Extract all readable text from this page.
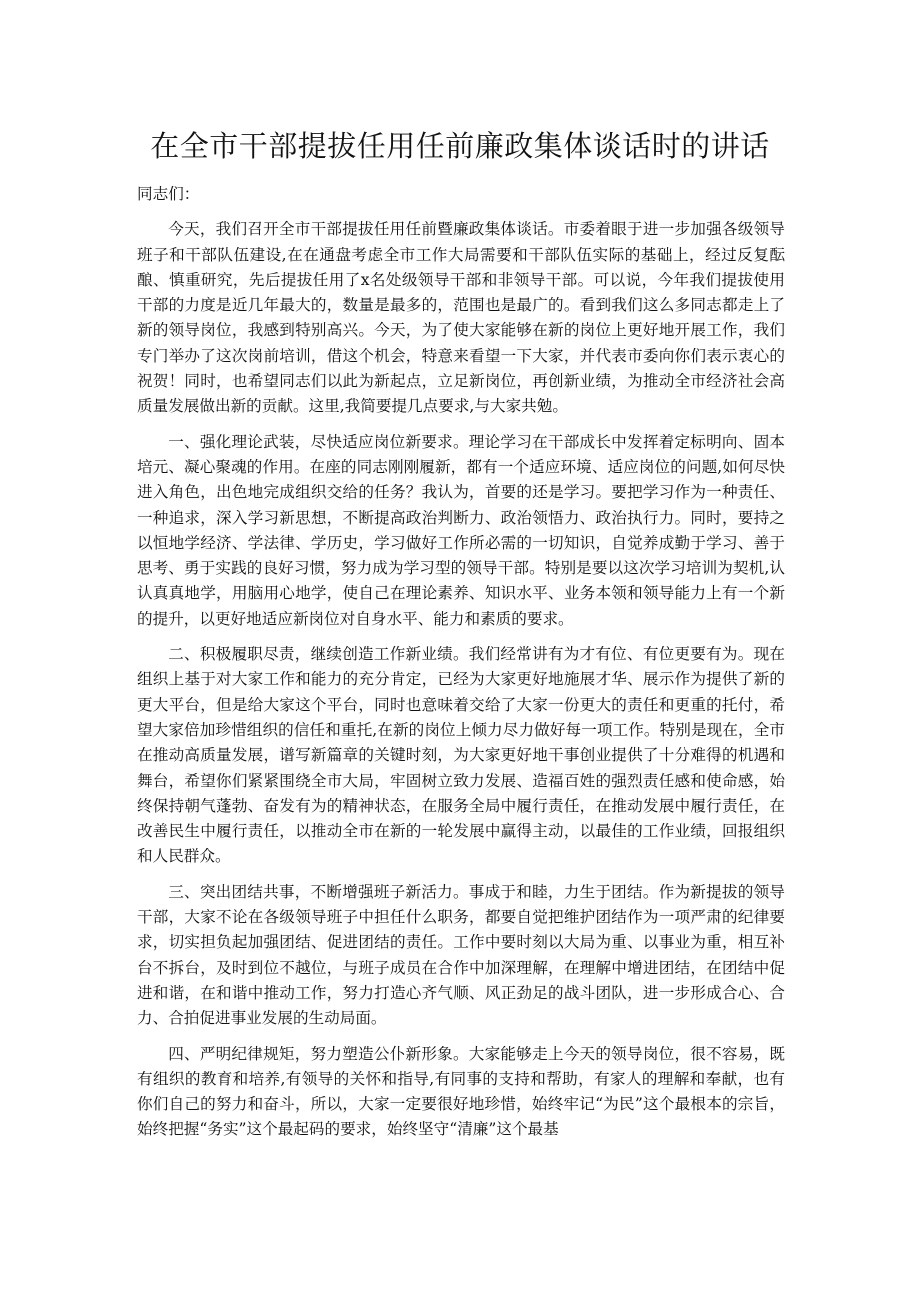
在全市干部提拔任用任前廉政集体谈话时的讲话

同志们：

今天，我们召开全市干部提拔任用任前暨廉政集体谈话。市委着眼于进一步加强各级领导班子和干部队伍建设,在在通盘考虑全市工作大局需要和干部队伍实际的基础上，经过反复酝酿、慎重研究，先后提拔任用了x名处级领导干部和非领导干部。可以说，今年我们提拔使用干部的力度是近几年最大的，数量是最多的，范围也是最广的。看到我们这么多同志都走上了新的领导岗位，我感到特别高兴。今天，为了使大家能够在新的岗位上更好地开展工作，我们专门举办了这次岗前培训，借这个机会，特意来看望一下大家，并代表市委向你们表示衷心的祝贺！同时，也希望同志们以此为新起点，立足新岗位，再创新业绩，为推动全市经济社会高质量发展做出新的贡献。这里,我简要提几点要求,与大家共勉。

一、强化理论武装，尽快适应岗位新要求。理论学习在干部成长中发挥着定标明向、固本培元、凝心聚魂的作用。在座的同志刚刚履新，都有一个适应环境、适应岗位的问题,如何尽快进入角色，出色地完成组织交给的任务？我认为，首要的还是学习。要把学习作为一种责任、一种追求，深入学习新思想，不断提高政治判断力、政治领悟力、政治执行力。同时，要持之以恒地学经济、学法律、学历史，学习做好工作所必需的一切知识，自觉养成勤于学习、善于思考、勇于实践的良好习惯，努力成为学习型的领导干部。特别是要以这次学习培训为契机,认认真真地学，用脑用心地学，使自己在理论素养、知识水平、业务本领和领导能力上有一个新的提升，以更好地适应新岗位对自身水平、能力和素质的要求。

二、积极履职尽责，继续创造工作新业绩。我们经常讲有为才有位、有位更要有为。现在组织上基于对大家工作和能力的充分肯定，已经为大家更好地施展才华、展示作为提供了新的更大平台，但是给大家这个平台，同时也意味着交给了大家一份更大的责任和更重的托付，希望大家倍加珍惜组织的信任和重托,在新的岗位上倾力尽力做好每一项工作。特别是现在，全市在推动高质量发展，谱写新篇章的关键时刻，为大家更好地干事创业提供了十分难得的机遇和舞台，希望你们紧紧围绕全市大局，牢固树立致力发展、造福百姓的强烈责任感和使命感，始终保持朝气蓬勃、奋发有为的精神状态，在服务全局中履行责任，在推动发展中履行责任，在改善民生中履行责任，以推动全市在新的一轮发展中赢得主动，以最佳的工作业绩，回报组织和人民群众。

三、突出团结共事，不断增强班子新活力。事成于和睦，力生于团结。作为新提拔的领导干部，大家不论在各级领导班子中担任什么职务，都要自觉把维护团结作为一项严肃的纪律要求，切实担负起加强团结、促进团结的责任。工作中要时刻以大局为重、以事业为重，相互补台不拆台，及时到位不越位，与班子成员在合作中加深理解，在理解中增进团结，在团结中促进和谐，在和谐中推动工作，努力打造心齐气顺、风正劲足的战斗团队，进一步形成合心、合力、合拍促进事业发展的生动局面。

四、严明纪律规矩，努力塑造公仆新形象。大家能够走上今天的领导岗位，很不容易，既有组织的教育和培养,有领导的关怀和指导,有同事的支持和帮助，有家人的理解和奉献，也有你们自己的努力和奋斗，所以，大家一定要很好地珍惜，始终牢记“为民”这个最根本的宗旨，始终把握“务实”这个最起码的要求，始终坚守“清廉”这个最基
